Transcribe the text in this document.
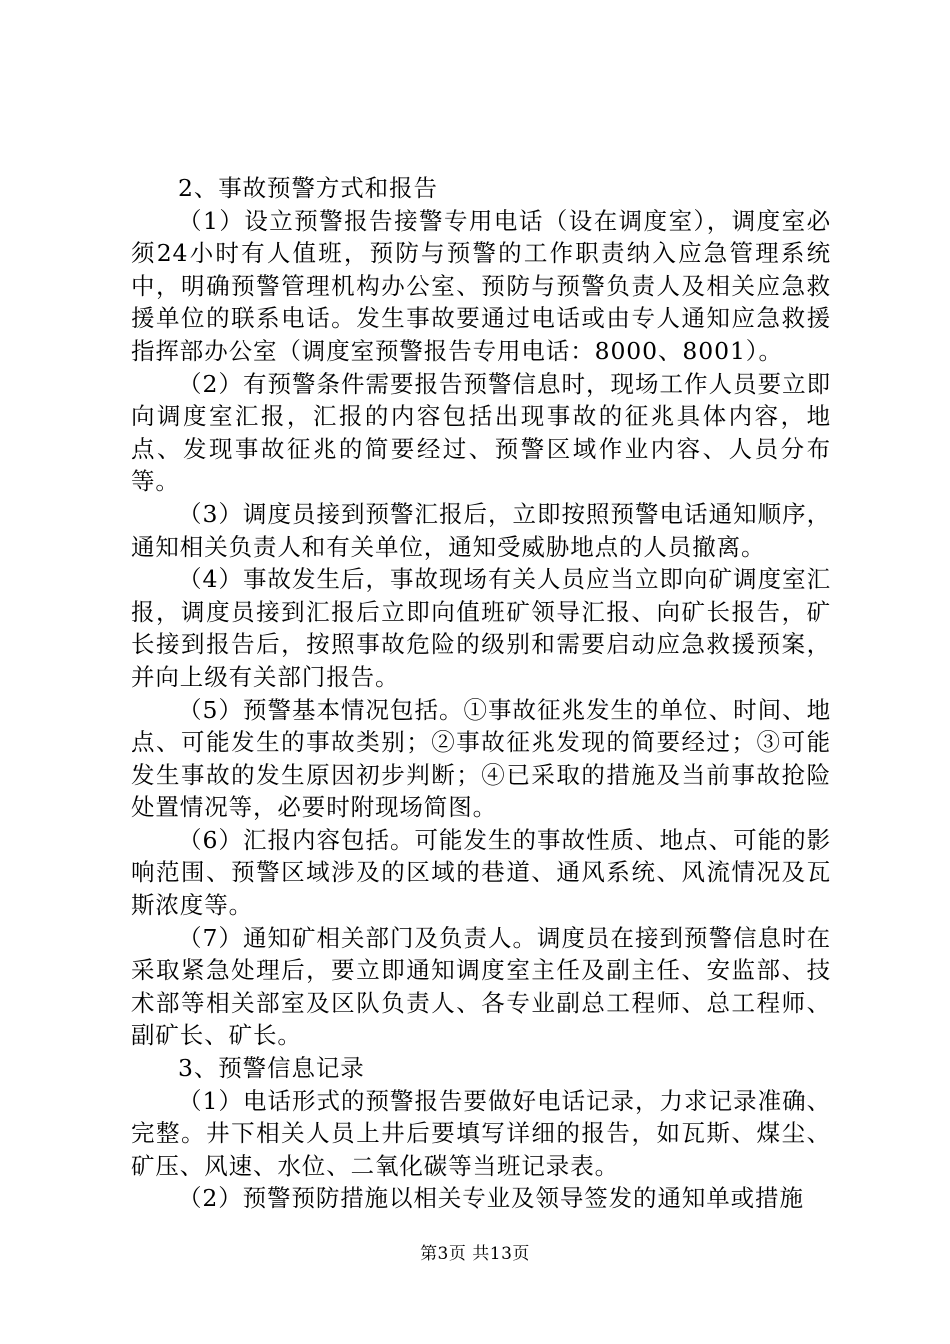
2、事故预警方式和报告

（1）设立预警报告接警专用电话（设在调度室），调度室必须24小时有人值班，预防与预警的工作职责纳入应急管理系统中，明确预警管理机构办公室、预防与预警负责人及相关应急救援单位的联系电话。发生事故要通过电话或由专人通知应急救援指挥部办公室（调度室预警报告专用电话：8000、8001）。

（2）有预警条件需要报告预警信息时，现场工作人员要立即向调度室汇报，汇报的内容包括出现事故的征兆具体内容，地点、发现事故征兆的简要经过、预警区域作业内容、人员分布等。

（3）调度员接到预警汇报后，立即按照预警电话通知顺序，通知相关负责人和有关单位，通知受威胁地点的人员撤离。

（4）事故发生后，事故现场有关人员应当立即向矿调度室汇报，调度员接到汇报后立即向值班矿领导汇报、向矿长报告，矿长接到报告后，按照事故危险的级别和需要启动应急救援预案，并向上级有关部门报告。

（5）预警基本情况包括。①事故征兆发生的单位、时间、地点、可能发生的事故类别；②事故征兆发现的简要经过；③可能发生事故的发生原因初步判断；④已采取的措施及当前事故抢险处置情况等，必要时附现场简图。

（6）汇报内容包括。可能发生的事故性质、地点、可能的影响范围、预警区域涉及的区域的巷道、通风系统、风流情况及瓦斯浓度等。

（7）通知矿相关部门及负责人。调度员在接到预警信息时在采取紧急处理后，要立即通知调度室主任及副主任、安监部、技术部等相关部室及区队负责人、各专业副总工程师、总工程师、副矿长、矿长。

3、预警信息记录

（1）电话形式的预警报告要做好电话记录，力求记录准确、完整。井下相关人员上井后要填写详细的报告，如瓦斯、煤尘、矿压、风速、水位、二氧化碳等当班记录表。

（2）预警预防措施以相关专业及领导签发的通知单或措施

第3页 共13页
